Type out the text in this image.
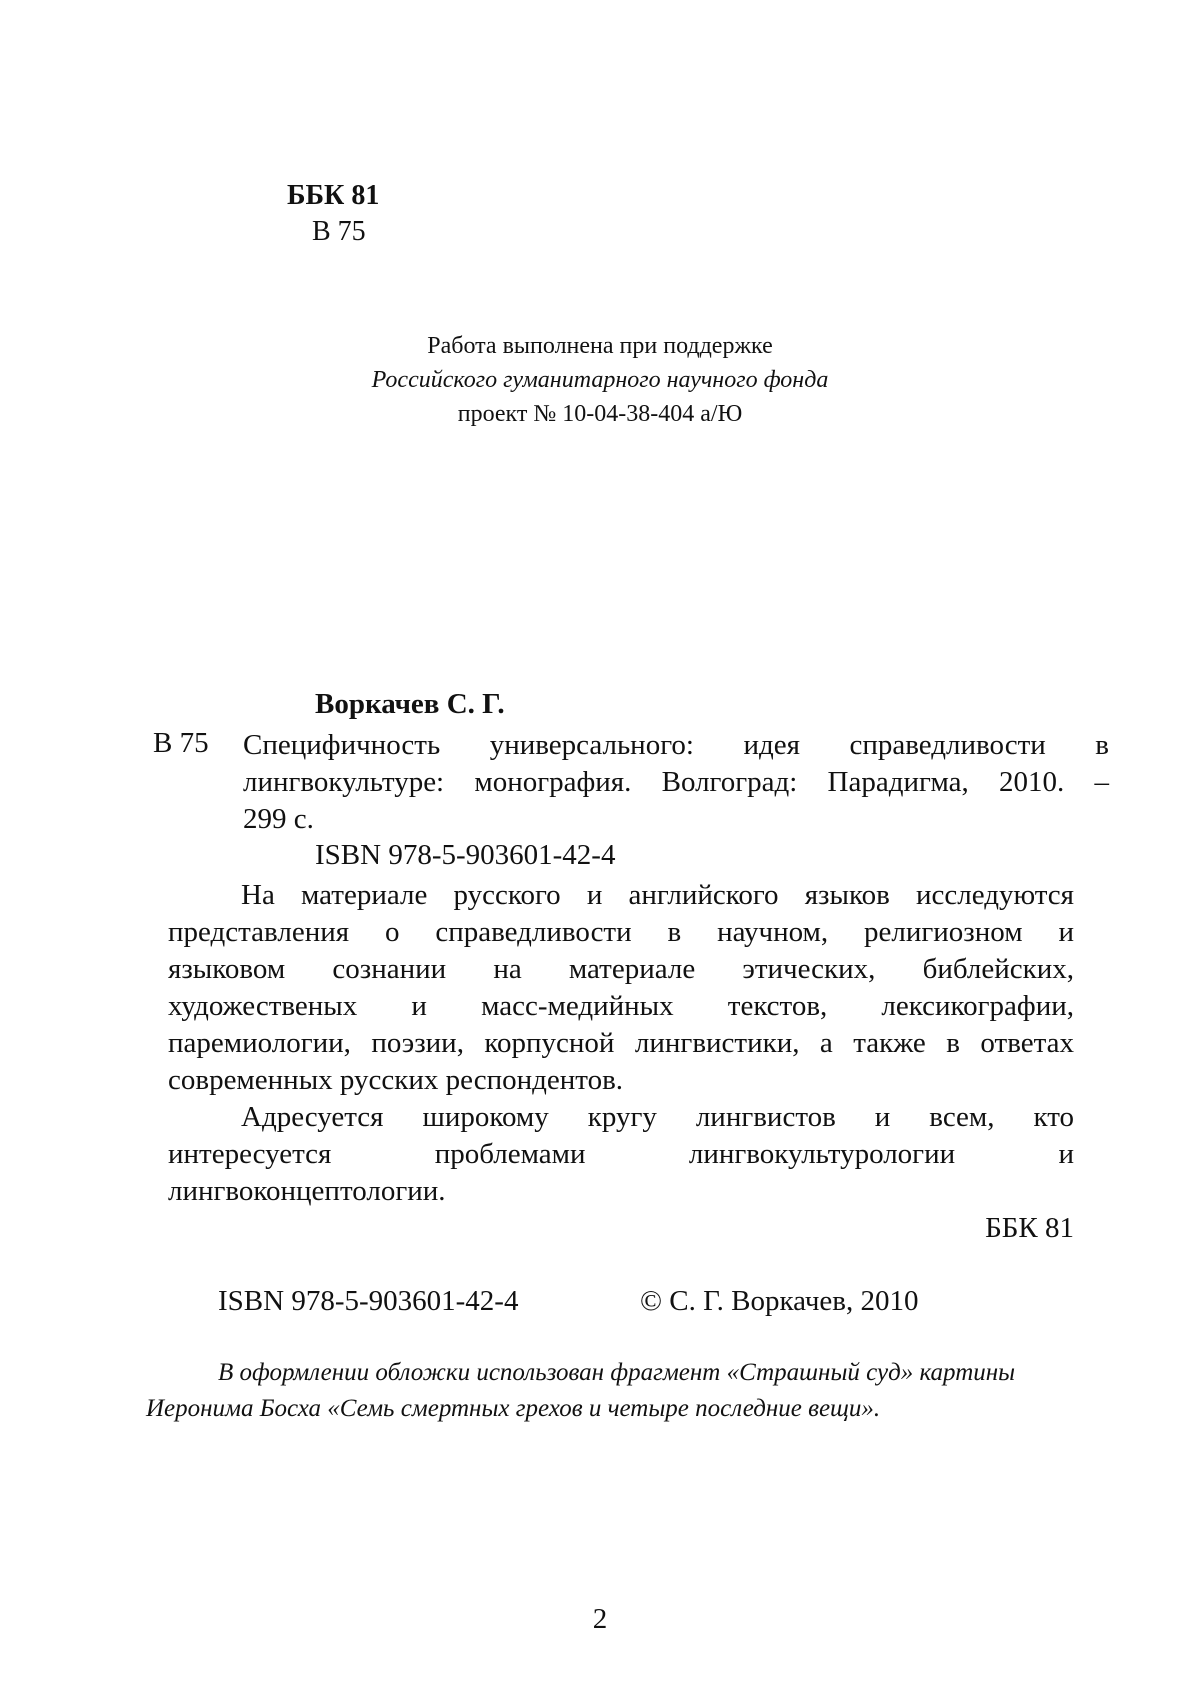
ББК 81
В 75
Работа выполнена при поддержке
Российского гуманитарного научного фонда
проект № 10-04-38-404 а/Ю
Воркачев С. Г.
В 75 Специфичность универсального: идея справедливости в
лингвокультуре: монография. Волгоград: Парадигма, 2010. –
299 с.
ISBN 978-5-903601-42-4
На материале русского и английского языков исследуются
представления о справедливости в научном, религиозном и
языковом сознании на материале этических, библейских,
художественых и масс-медийных текстов, лексикографии,
паремиологии, поэзии, корпусной лингвистики, а также в ответах
современных русских респондентов.
Адресуется широкому кругу лингвистов и всем, кто
интересуется проблемами лингвокультурологии и
лингвоконцептологии.
ББК 81
ISBN 978-5-903601-42-4	© С. Г. Воркачев, 2010
В оформлении обложки использован фрагмент «Страшный суд» картины
Иеронима Босха «Семь смертных грехов и четыре последние вещи».
2
